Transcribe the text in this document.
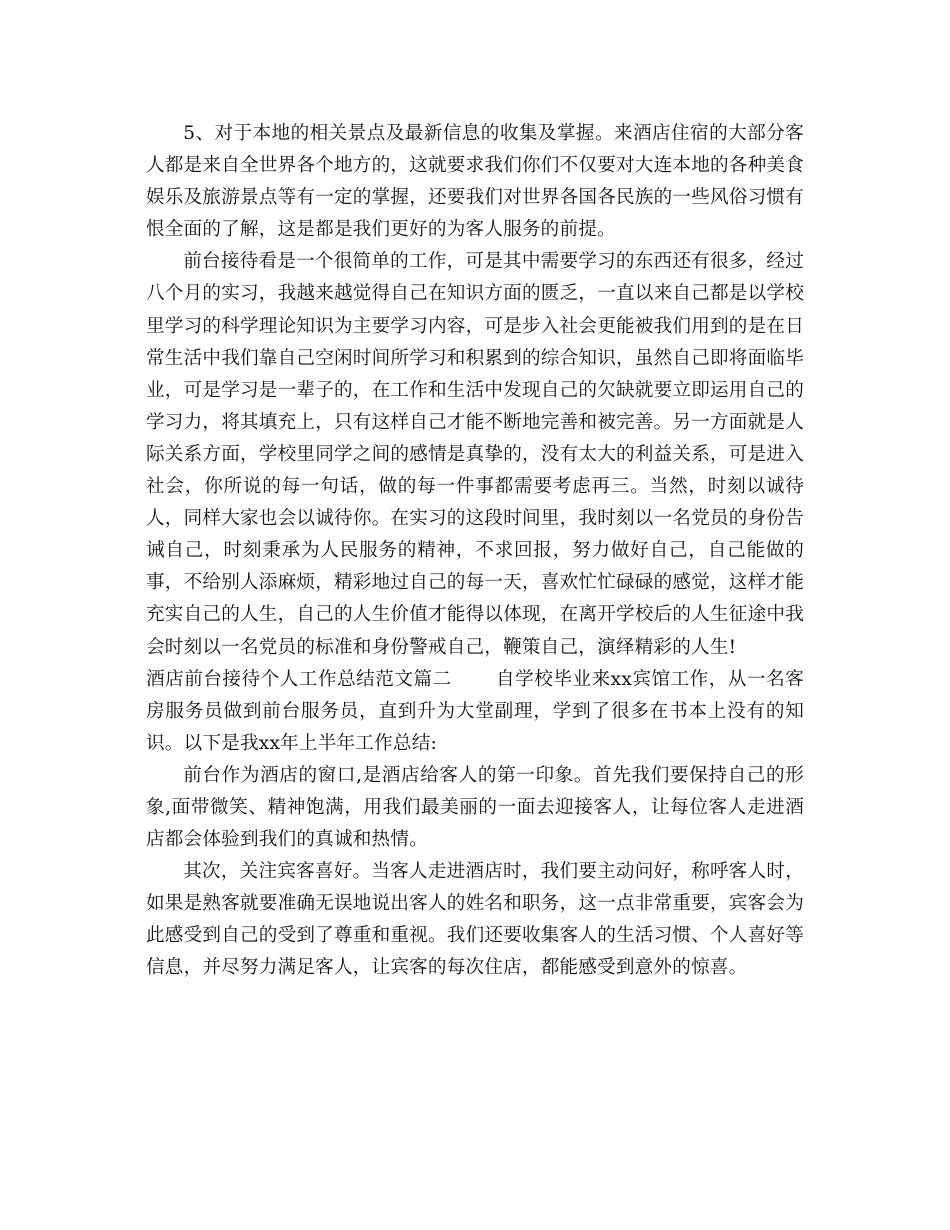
5、对于本地的相关景点及最新信息的收集及掌握。来酒店住宿的大部分客人都是来自全世界各个地方的，这就要求我们你们不仅要对大连本地的各种美食娱乐及旅游景点等有一定的掌握，还要我们对世界各国各民族的一些风俗习惯有恨全面的了解，这是都是我们更好的为客人服务的前提。

前台接待看是一个很简单的工作，可是其中需要学习的东西还有很多，经过八个月的实习，我越来越觉得自己在知识方面的匮乏，一直以来自己都是以学校里学习的科学理论知识为主要学习内容，可是步入社会更能被我们用到的是在日常生活中我们靠自己空闲时间所学习和积累到的综合知识，虽然自己即将面临毕业，可是学习是一辈子的，在工作和生活中发现自己的欠缺就要立即运用自己的学习力，将其填充上，只有这样自己才能不断地完善和被完善。另一方面就是人际关系方面，学校里同学之间的感情是真挚的，没有太大的利益关系，可是进入社会，你所说的每一句话，做的每一件事都需要考虑再三。当然，时刻以诚待人，同样大家也会以诚待你。在实习的这段时间里，我时刻以一名党员的身份告诫自己，时刻秉承为人民服务的精神，不求回报，努力做好自己，自己能做的事，不给别人添麻烦，精彩地过自己的每一天，喜欢忙忙碌碌的感觉，这样才能充实自己的人生，自己的人生价值才能得以体现，在离开学校后的人生征途中我会时刻以一名党员的标准和身份警戒自己，鞭策自己，演绎精彩的人生!

酒店前台接待个人工作总结范文篇二 自学校毕业来xx宾馆工作，从一名客房服务员做到前台服务员，直到升为大堂副理，学到了很多在书本上没有的知识。以下是我xx年上半年工作总结:

前台作为酒店的窗口,是酒店给客人的第一印象。首先我们要保持自己的形象,面带微笑、精神饱满，用我们最美丽的一面去迎接客人，让每位客人走进酒店都会体验到我们的真诚和热情。

其次，关注宾客喜好。当客人走进酒店时，我们要主动问好，称呼客人时，如果是熟客就要准确无误地说出客人的姓名和职务，这一点非常重要，宾客会为此感受到自己的受到了尊重和重视。我们还要收集客人的生活习惯、个人喜好等信息，并尽努力满足客人，让宾客的每次住店，都能感受到意外的惊喜。
